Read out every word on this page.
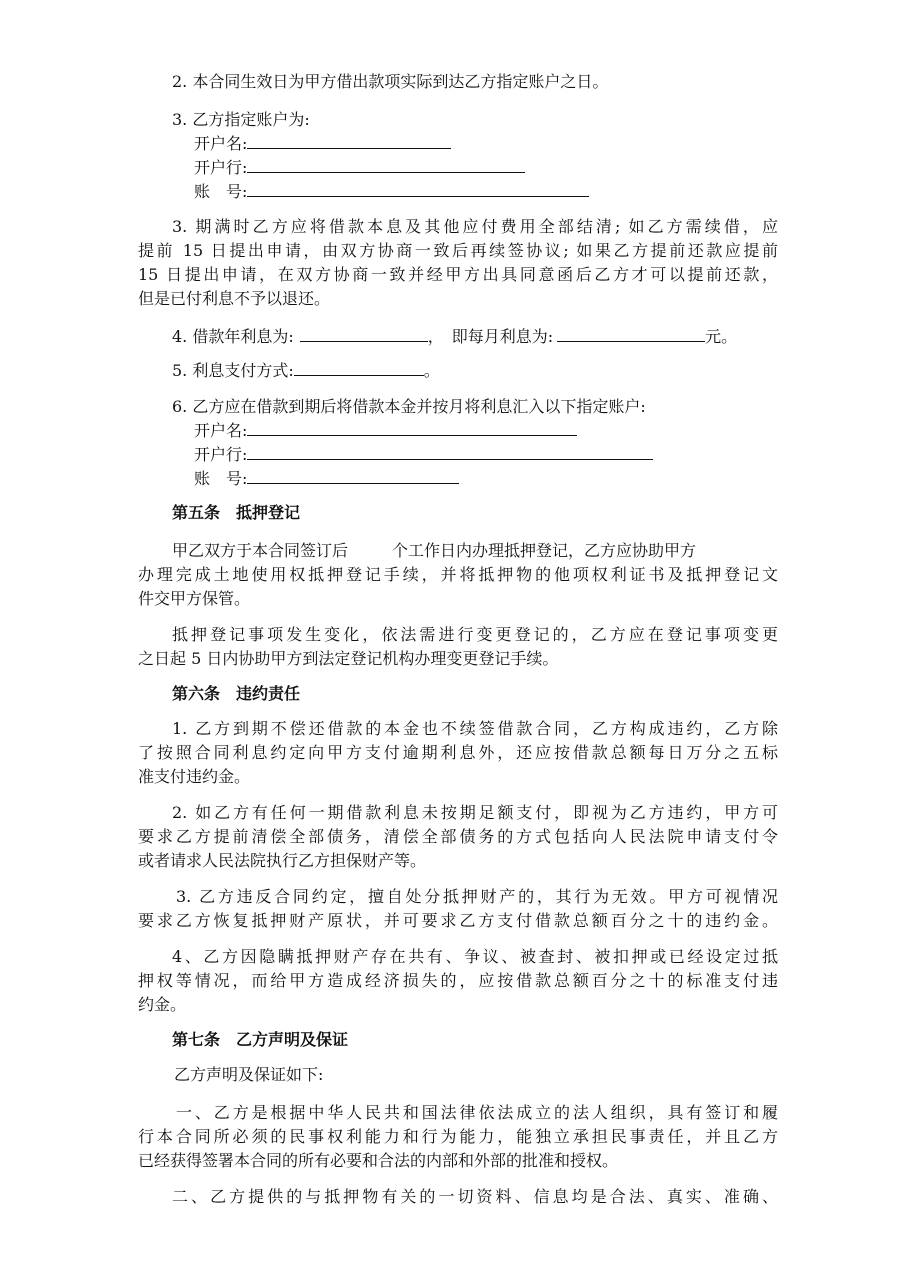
2. 本合同生效日为甲方借出款项实际到达乙方指定账户之日。
3. 乙方指定账户为:
开户名:
开户行:
账　号:
3. 期满时乙方应将借款本息及其他应付费用全部结清; 如乙方需续借，应
提前 15 日提出申请，由双方协商一致后再续签协议; 如果乙方提前还款应提前
15 日提出申请，在双方协商一致并经甲方出具同意函后乙方才可以提前还款，
但是已付利息不予以退还。
4. 借款年利息为:	，　即每月利息为:	元。
5. 利息支付方式:	。
6. 乙方应在借款到期后将借款本金并按月将利息汇入以下指定账户:
开户名:
开户行:
账　号:
第五条　抵押登记
甲乙双方于本合同签订后	个工作日内办理抵押登记，乙方应协助甲方
办理完成土地使用权抵押登记手续，并将抵押物的他项权利证书及抵押登记文
件交甲方保管。
抵押登记事项发生变化，依法需进行变更登记的，乙方应在登记事项变更
之日起 5 日内协助甲方到法定登记机构办理变更登记手续。
第六条　违约责任
1. 乙方到期不偿还借款的本金也不续签借款合同，乙方构成违约，乙方除
了按照合同利息约定向甲方支付逾期利息外，还应按借款总额每日万分之五标
准支付违约金。
2. 如乙方有任何一期借款利息未按期足额支付，即视为乙方违约，甲方可
要求乙方提前清偿全部债务，清偿全部债务的方式包括向人民法院申请支付令
或者请求人民法院执行乙方担保财产等。
3. 乙方违反合同约定，擅自处分抵押财产的，其行为无效。甲方可视情况
要求乙方恢复抵押财产原状，并可要求乙方支付借款总额百分之十的违约金。
4、乙方因隐瞒抵押财产存在共有、争议、被查封、被扣押或已经设定过抵
押权等情况，而给甲方造成经济损失的，应按借款总额百分之十的标准支付违
约金。
第七条　乙方声明及保证
乙方声明及保证如下:
一、乙方是根据中华人民共和国法律依法成立的法人组织，具有签订和履
行本合同所必须的民事权利能力和行为能力，能独立承担民事责任，并且乙方
已经获得签署本合同的所有必要和合法的内部和外部的批准和授权。
二、乙方提供的与抵押物有关的一切资料、信息均是合法、真实、准确、
